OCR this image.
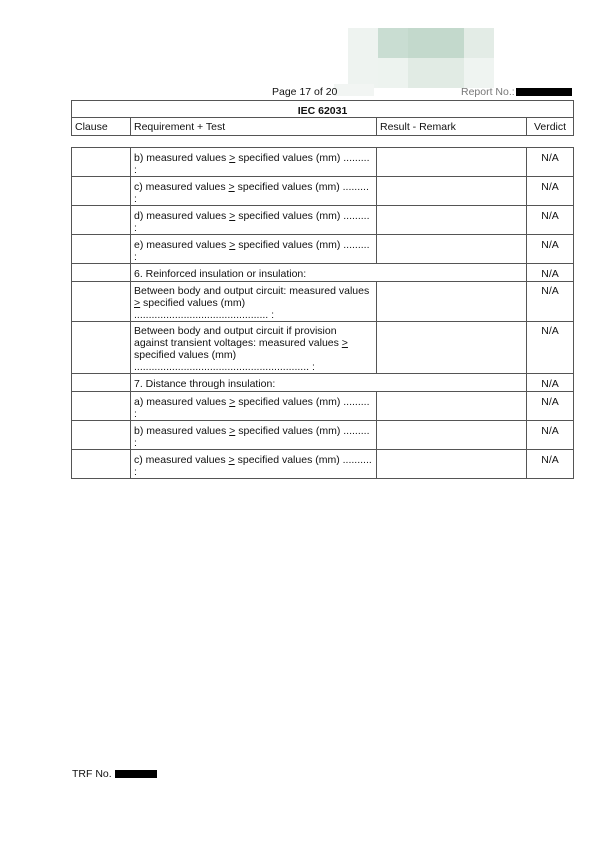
Page 17 of 20	Report No.:
IEC 62031
Clause	Requirement + Test	Result - Remark	Verdict
	b) measured values > specified values (mm) ......... :		N/A
	c) measured values > specified values (mm) ......... :		N/A
	d) measured values > specified values (mm) ......... :		N/A
	e) measured values > specified values (mm) ......... :		N/A
	6. Reinforced insulation or insulation:		N/A
	Between body and output circuit: measured values > specified values (mm) .............................................. :		N/A
	Between body and output circuit if provision against transient voltages: measured values > specified values (mm) ............................................................ :		N/A
	7. Distance through insulation:		N/A
	a) measured values > specified values (mm) ......... :		N/A
	b) measured values > specified values (mm) ......... :		N/A
	c) measured values > specified values (mm) .......... :		N/A
TRF No.
